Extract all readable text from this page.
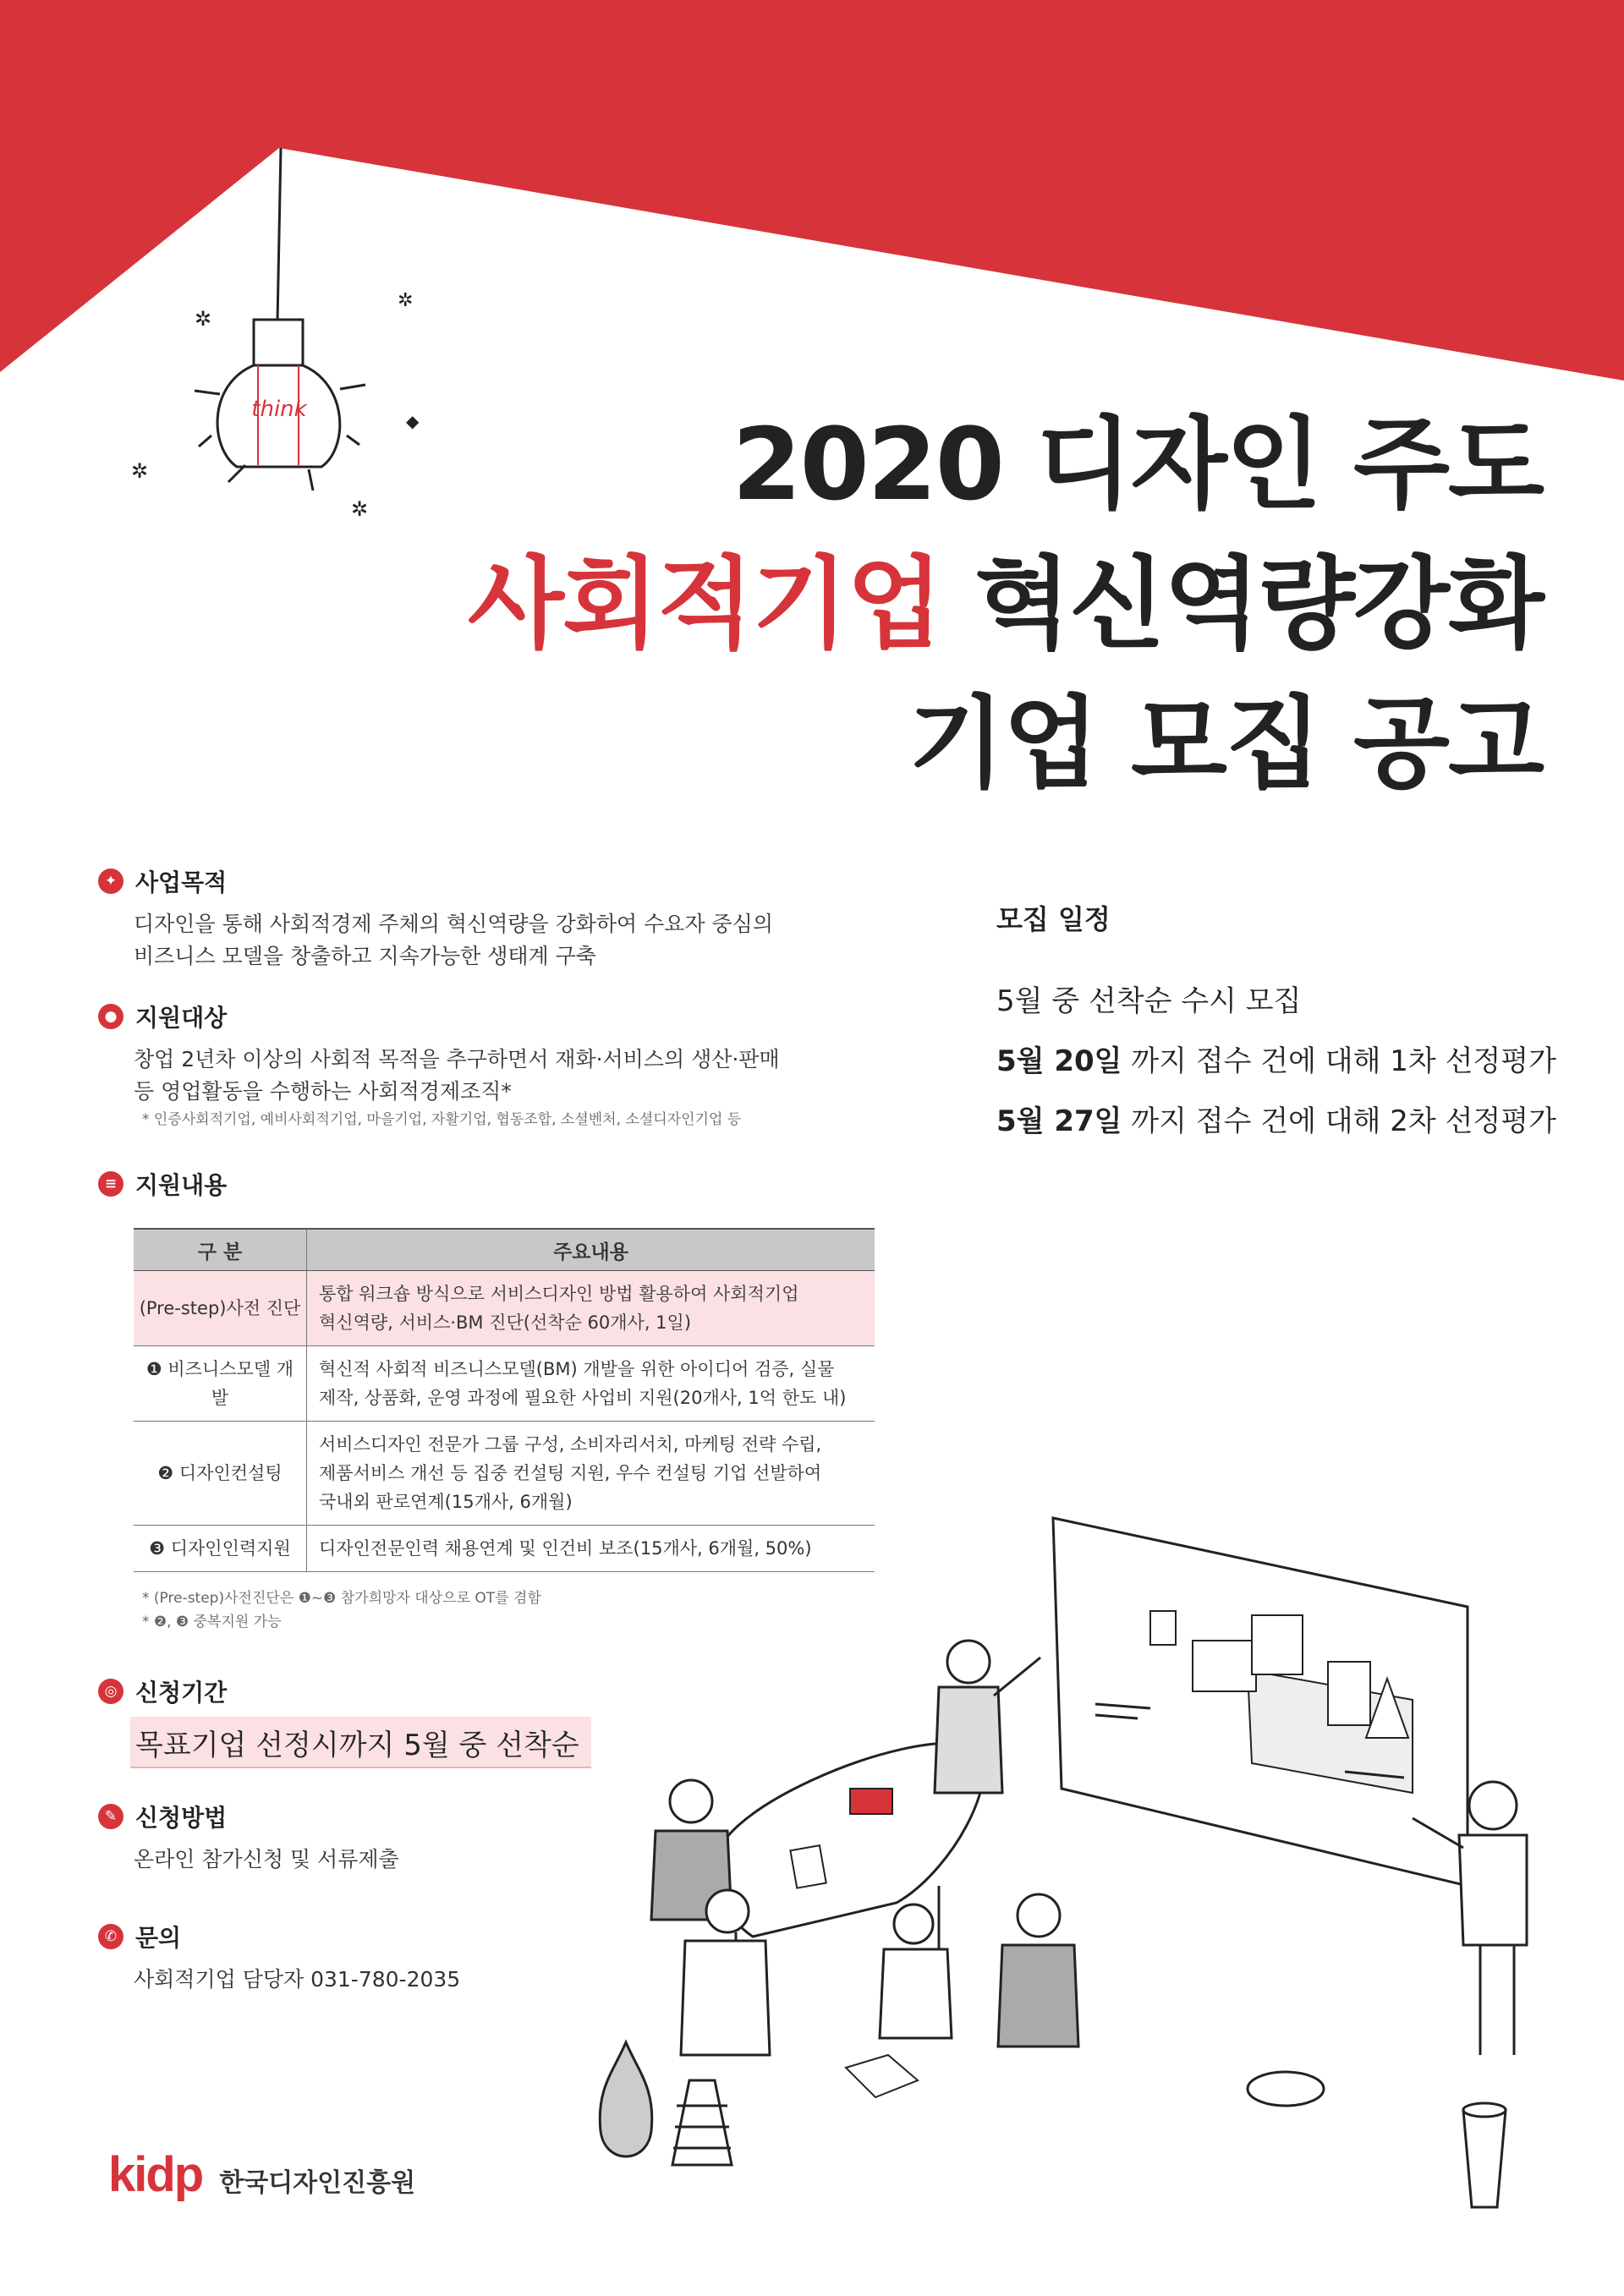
think
✲
✲
✲
✲
◆	2020 디자인 주도
사회적기업 혁신역량강화
기업 모집 공고
모집 일정
5월 중 선착순 수시 모집
5월 20일 까지 접수 건에 대해 1차 선정평가
5월 27일 까지 접수 건에 대해 2차 선정평가
✦ 사업목적
디자인을 통해 사회적경제 주체의 혁신역량을 강화하여 수요자 중심의
비즈니스 모델을 창출하고 지속가능한 생태계 구축
● 지원대상
창업 2년차 이상의 사회적 목적을 추구하면서 재화·서비스의 생산·판매
등 영업활동을 수행하는 사회적경제조직*
* 인증사회적기업, 예비사회적기업, 마을기업, 자활기업, 협동조합, 소셜벤처, 소셜디자인기업 등
≡ 지원내용
구 분	주요내용
(Pre-step)사전 진단	통합 워크숍 방식으로 서비스디자인 방법 활용하여 사회적기업
혁신역량, 서비스·BM 진단(선착순 60개사, 1일)

❶ 비즈니스모델 개발	혁신적 사회적 비즈니스모델(BM) 개발을 위한 아이디어 검증, 실물
제작, 상품화, 운영 과정에 필요한 사업비 지원(20개사, 1억 한도 내)

❷ 디자인컨설팅	서비스디자인 전문가 그룹 구성, 소비자리서치, 마케팅 전략 수립,
제품서비스 개선 등 집중 컨설팅 지원, 우수 컨설팅 기업 선발하여
국내외 판로연계(15개사, 6개월)

❸ 디자인인력지원	디자인전문인력 채용연계 및 인건비 보조(15개사, 6개월, 50%)
* (Pre-step)사전진단은 ❶~❸ 참가희망자 대상으로 OT를 겸함
* ❷, ❸ 중복지원 가능
◎ 신청기간
목표기업 선정시까지 5월 중 선착순
✎ 신청방법
온라인 참가신청 및 서류제출
✆ 문의
사회적기업 담당자 031-780-2035
kidp 한국디자인진흥원
